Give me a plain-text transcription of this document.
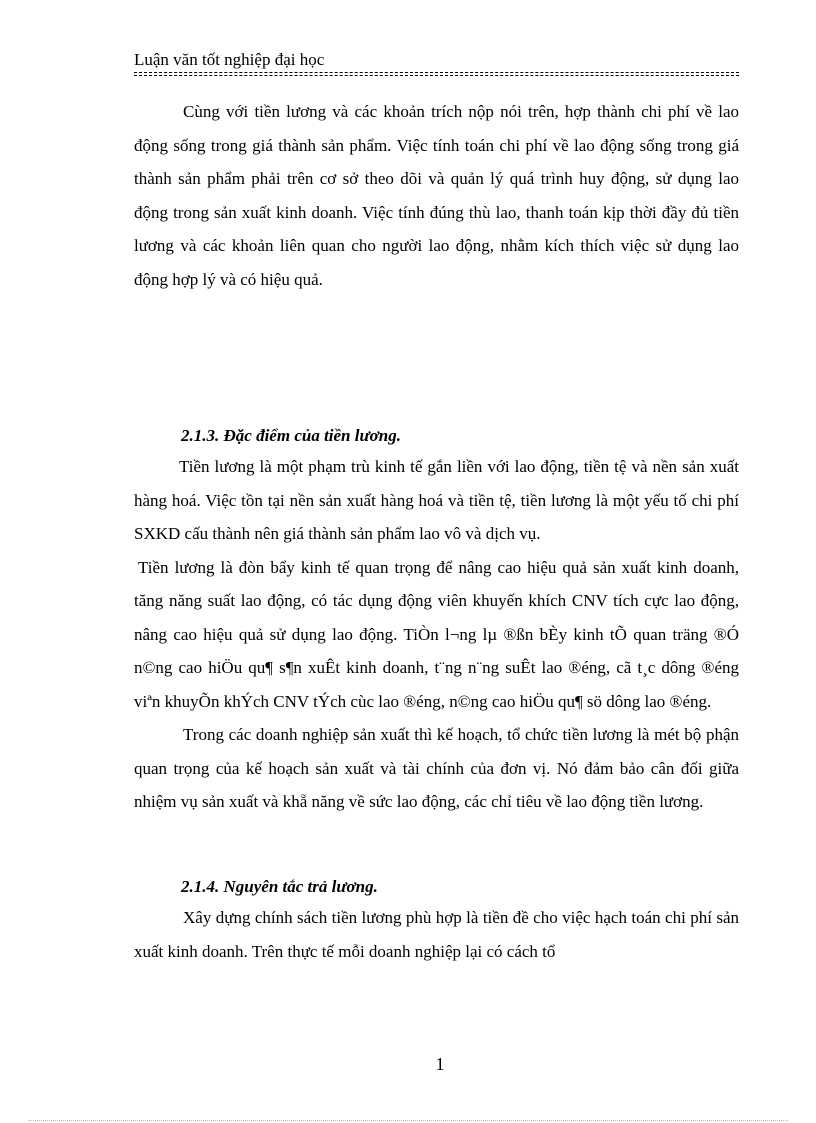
Luận văn tốt nghiệp đại học

Cùng với tiền lương và các khoản trích nộp nói trên, hợp thành chi phí về lao động sống trong giá thành sản phẩm. Việc tính toán chi phí về lao động sống trong giá thành sản phẩm phải trên cơ sở theo dõi và quản lý quá trình huy động, sử dụng lao động trong sản xuất kinh doanh. Việc tính đúng thù lao, thanh toán kịp thời đầy đủ tiền lương và các khoản liên quan cho người lao động, nhằm kích thích việc sử dụng lao động hợp lý và có hiệu quả.

2.1.3. Đặc điểm của tiền lương.

Tiền lương là một phạm trù kinh tế gắn liền với lao động, tiền tệ và nền sản xuất hàng hoá. Việc tồn tại nền sản xuất hàng hoá và tiền tệ, tiền lương là một yếu tố chi phí SXKD cấu thành nên giá thành sản phẩm lao vô và dịch vụ.

Tiền lương là đòn bẩy kinh tế quan trọng để nâng cao hiệu quả sản xuất kinh doanh, tăng năng suất lao động, có tác dụng động viên khuyến khích CNV tích cực lao động, nâng cao hiệu quả sử dụng lao động. TiÒn l¬ng lµ ®ßn bÈy kinh tÕ quan träng ®Ó n©ng cao hiÖu qu¶ s¶n xuÊt kinh doanh, t¨ng n¨ng suÊt lao ®éng, cã t¸c dông ®éng viªn khuyÕn khÝch CNV tÝch cùc lao ®éng, n©ng cao hiÖu qu¶ sö dông lao ®éng.

Trong các doanh nghiệp sản xuất thì kế hoạch, tổ chức tiền lương là mét bộ phận quan trọng của kế hoạch sản xuất và tài chính của đơn vị. Nó đảm bảo cân đối giữa nhiệm vụ sản xuất và khẵ năng về sức lao động, các chỉ tiêu về lao động tiền lương.

2.1.4. Nguyên tắc trả lương.

Xây dựng chính sách tiền lương phù hợp là tiền đề cho việc hạch toán chi phí sản xuất kinh doanh. Trên thực tế mỗi doanh nghiệp lại có cách tổ

1
